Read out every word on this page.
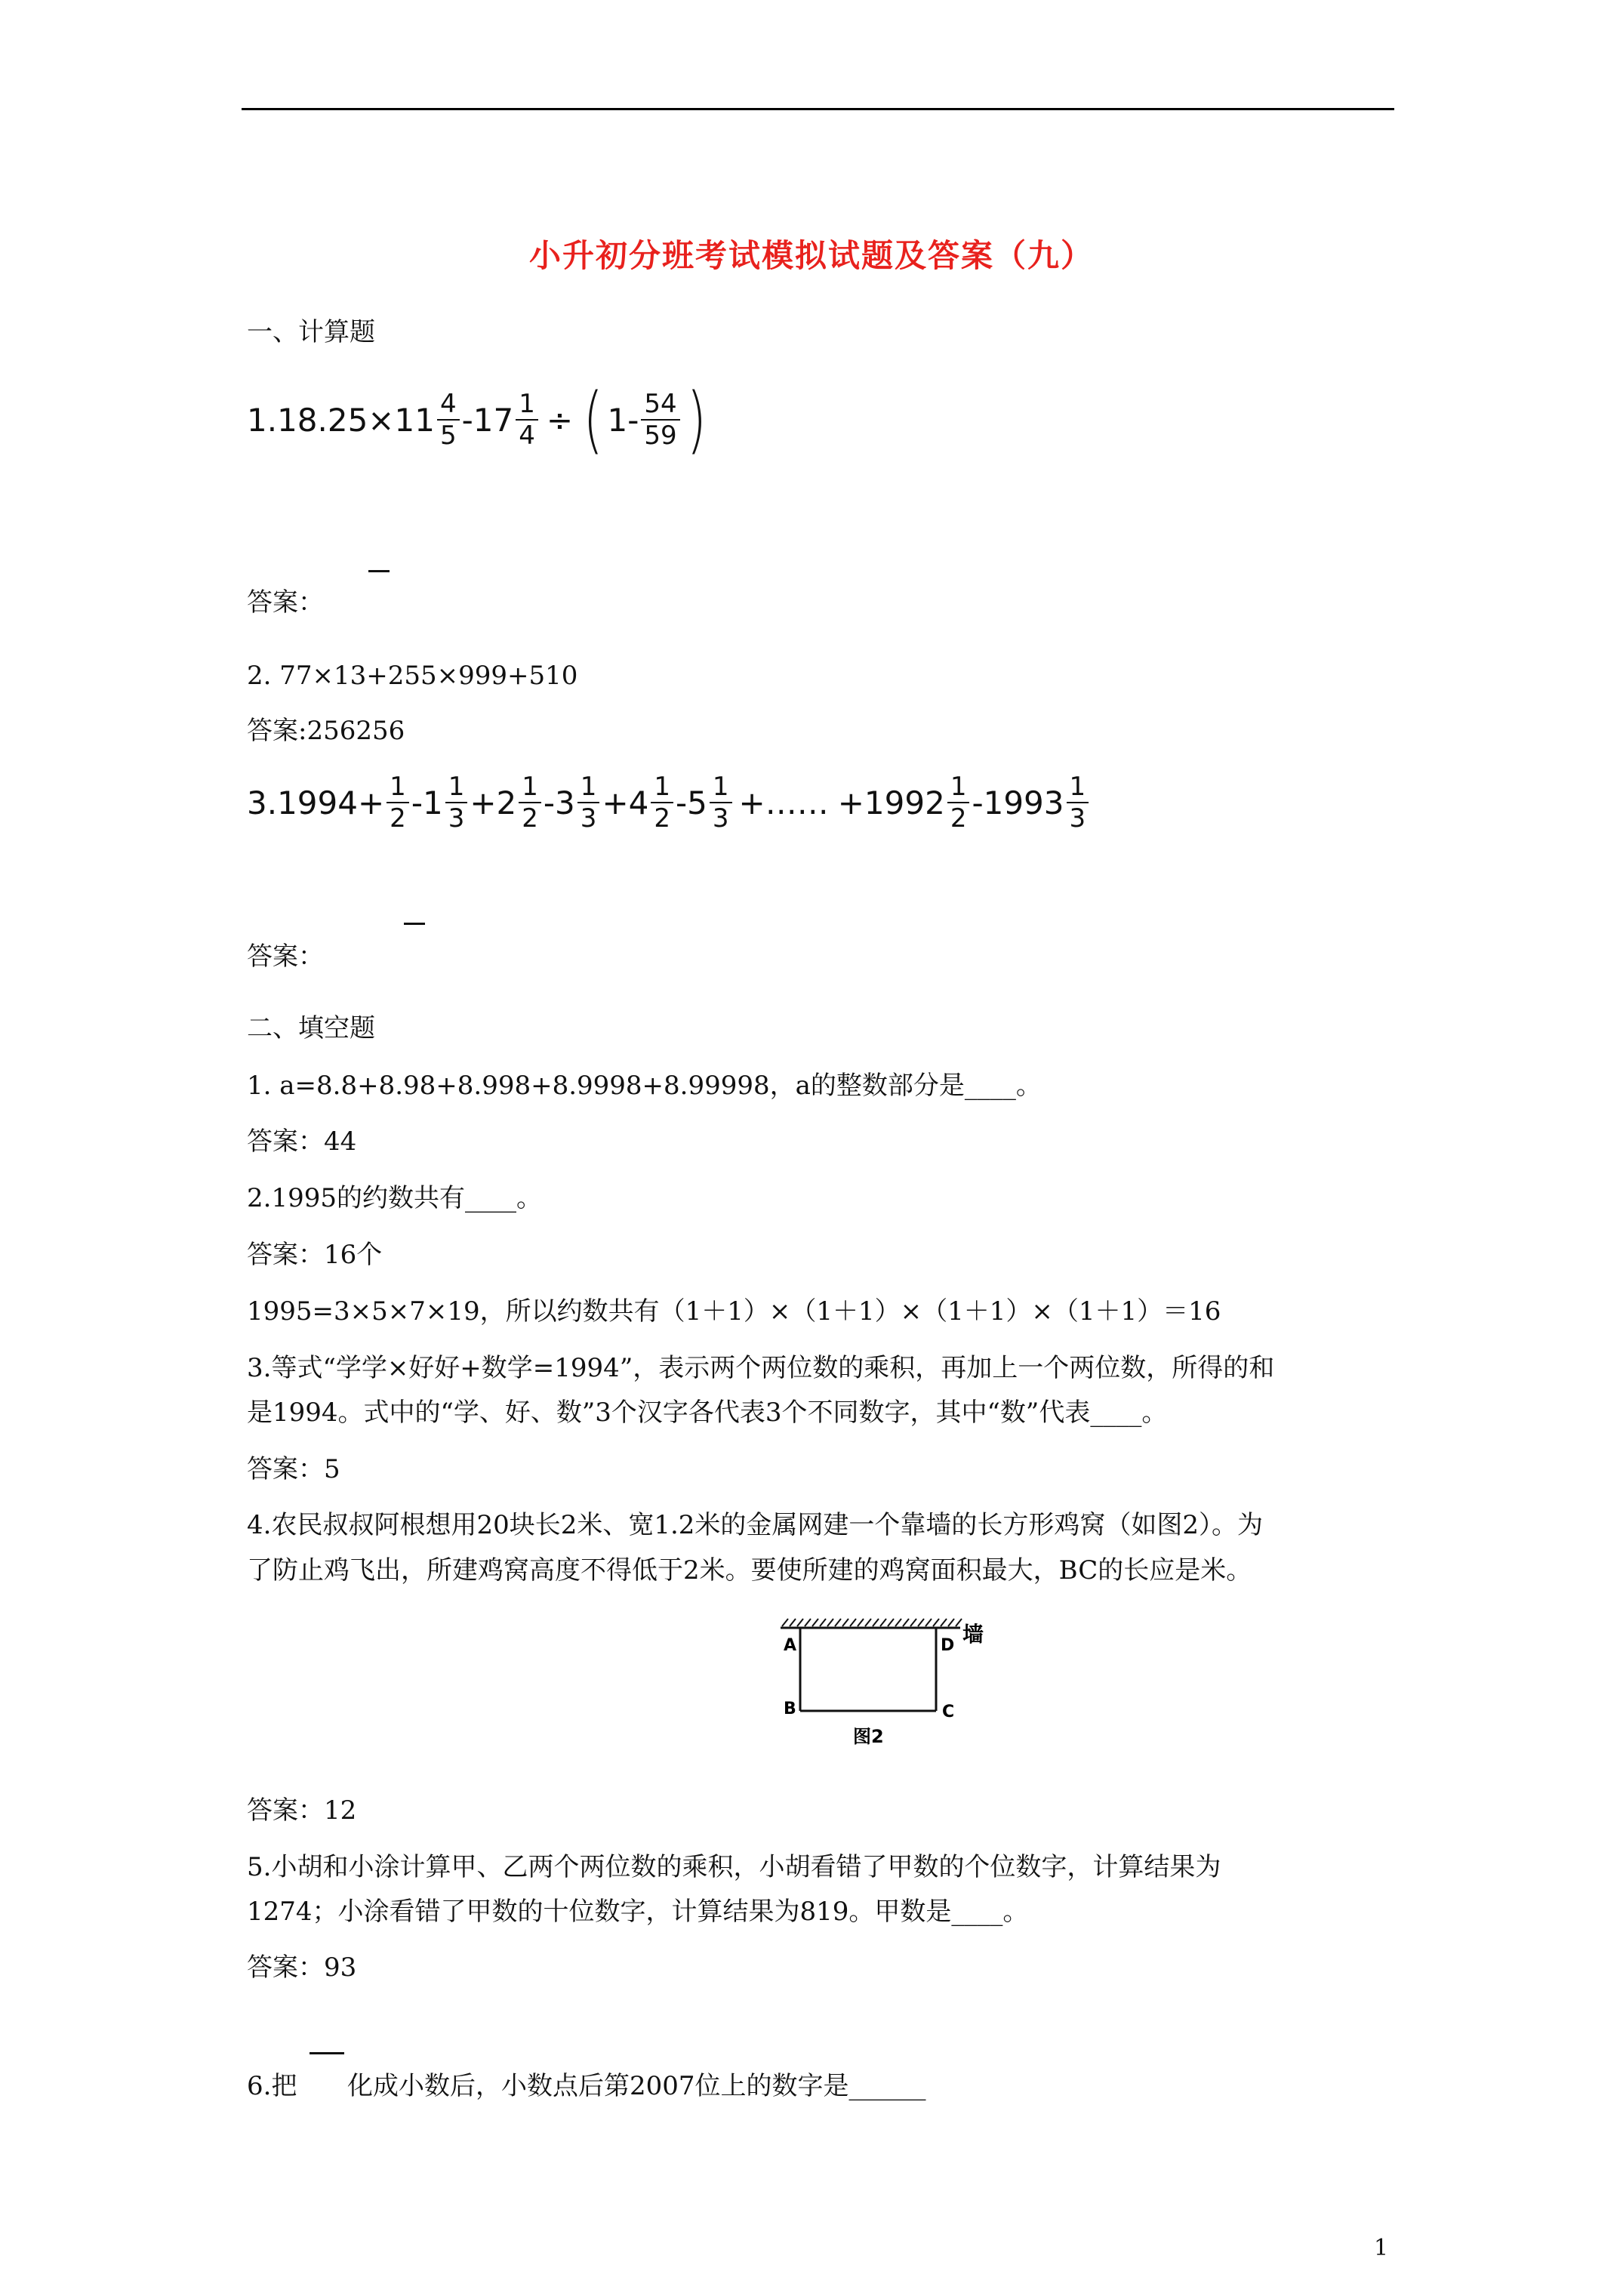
小升初分班考试模拟试题及答案（九）
一、计算题
$1.18.25\times 11 \frac{4}{5} -17 \frac{1}{4}$ ÷ ( $1- \frac{54}{59}$ )
答案：
2. 77×13+255×999+510
答案:256256
$3.1994 + \frac{1}{2} -1 \frac{1}{3} +2 \frac{1}{2} -3 \frac{1}{3} +4 \frac{1}{2} -5 \frac{1}{3}$ +…… $+1992 \frac{1}{2} -1993 \frac{1}{3}$
答案：
二、填空题
1. a=8.8+8.98+8.998+8.9998+8.99998，a的整数部分是____。
答案：44
2.1995的约数共有____。
答案：16个
1995=3×5×7×19，所以约数共有（1＋1）×（1＋1）×（1＋1）×（1＋1）＝16
3.等式“学学×好好+数学=1994”，表示两个两位数的乘积，再加上一个两位数，所得的和
是1994。式中的“学、好、数”3个汉字各代表3个不同数字，其中“数”代表____。
答案：5
4.农民叔叔阿根想用20块长2米、宽1.2米的金属网建一个靠墙的长方形鸡窝（如图2）。为
了防止鸡飞出，所建鸡窝高度不得低于2米。要使所建的鸡窝面积最大，BC的长应是米。
A	D
B	C
墙
图2
答案：12
5.小胡和小涂计算甲、乙两个两位数的乘积，小胡看错了甲数的个位数字，计算结果为
1274；小涂看错了甲数的十位数字，计算结果为819。甲数是____。
答案：93
6.把 化成小数后，小数点后第2007位上的数字是______
1
